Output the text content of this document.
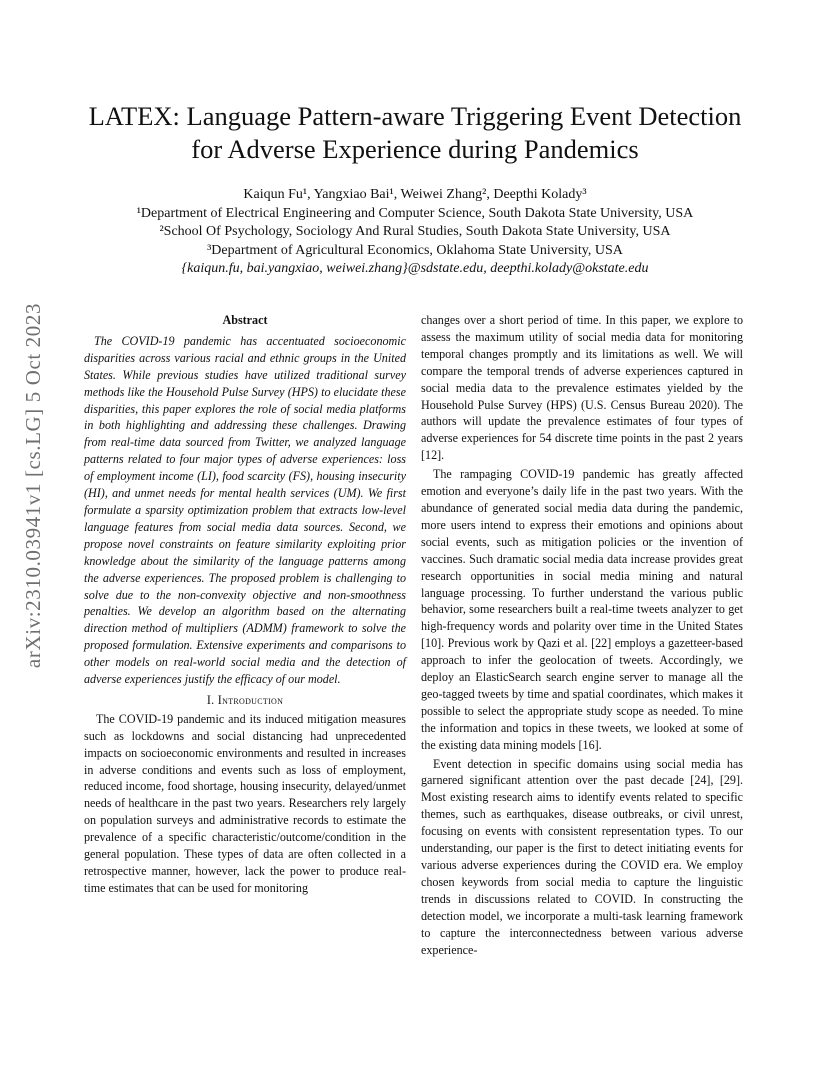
arXiv:2310.03941v1 [cs.LG] 5 Oct 2023
LATEX: Language Pattern-aware Triggering Event Detection
for Adverse Experience during Pandemics
Kaiqun Fu¹, Yangxiao Bai¹, Weiwei Zhang², Deepthi Kolady³
¹Department of Electrical Engineering and Computer Science, South Dakota State University, USA
²School Of Psychology, Sociology And Rural Studies, South Dakota State University, USA
³Department of Agricultural Economics, Oklahoma State University, USA
{kaiqun.fu, bai.yangxiao, weiwei.zhang}@sdstate.edu, deepthi.kolady@okstate.edu
Abstract

The COVID-19 pandemic has accentuated socioeconomic disparities across various racial and ethnic groups in the United States. While previous studies have utilized traditional survey methods like the Household Pulse Survey (HPS) to elucidate these disparities, this paper explores the role of social media platforms in both highlighting and addressing these challenges. Drawing from real-time data sourced from Twitter, we analyzed language patterns related to four major types of adverse experiences: loss of employment income (LI), food scarcity (FS), housing insecurity (HI), and unmet needs for mental health services (UM). We first formulate a sparsity optimization problem that extracts low-level language features from social media data sources. Second, we propose novel constraints on feature similarity exploiting prior knowledge about the similarity of the language patterns among the adverse experiences. The proposed problem is challenging to solve due to the non-convexity objective and non-smoothness penalties. We develop an algorithm based on the alternating direction method of multipliers (ADMM) framework to solve the proposed formulation. Extensive experiments and comparisons to other models on real-world social media and the detection of adverse experiences justify the efficacy of our model.

I. Introduction

The COVID-19 pandemic and its induced mitigation measures such as lockdowns and social distancing had unprecedented impacts on socioeconomic environments and resulted in increases in adverse conditions and events such as loss of employment, reduced income, food shortage, housing insecurity, delayed/unmet needs of healthcare in the past two years. Researchers rely largely on population surveys and administrative records to estimate the prevalence of a specific characteristic/outcome/condition in the general population. These types of data are often collected in a retrospective manner, however, lack the power to produce real-time estimates that can be used for monitoring

changes over a short period of time. In this paper, we explore to assess the maximum utility of social media data for monitoring temporal changes promptly and its limitations as well. We will compare the temporal trends of adverse experiences captured in social media data to the prevalence estimates yielded by the Household Pulse Survey (HPS) (U.S. Census Bureau 2020). The authors will update the prevalence estimates of four types of adverse experiences for 54 discrete time points in the past 2 years [12].

The rampaging COVID-19 pandemic has greatly affected emotion and everyone’s daily life in the past two years. With the abundance of generated social media data during the pandemic, more users intend to express their emotions and opinions about social events, such as mitigation policies or the invention of vaccines. Such dramatic social media data increase provides great research opportunities in social media mining and natural language processing. To further understand the various public behavior, some researchers built a real-time tweets analyzer to get high-frequency words and polarity over time in the United States [10]. Previous work by Qazi et al. [22] employs a gazetteer-based approach to infer the geolocation of tweets. Accordingly, we deploy an ElasticSearch search engine server to manage all the geo-tagged tweets by time and spatial coordinates, which makes it possible to select the appropriate study scope as needed. To mine the information and topics in these tweets, we looked at some of the existing data mining models [16].

Event detection in specific domains using social media has garnered significant attention over the past decade [24], [29]. Most existing research aims to identify events related to specific themes, such as earthquakes, disease outbreaks, or civil unrest, focusing on events with consistent representation types. To our understanding, our paper is the first to detect initiating events for various adverse experiences during the COVID era. We employ chosen keywords from social media to capture the linguistic trends in discussions related to COVID. In constructing the detection model, we incorporate a multi-task learning framework to capture the interconnectedness between various adverse experience-
